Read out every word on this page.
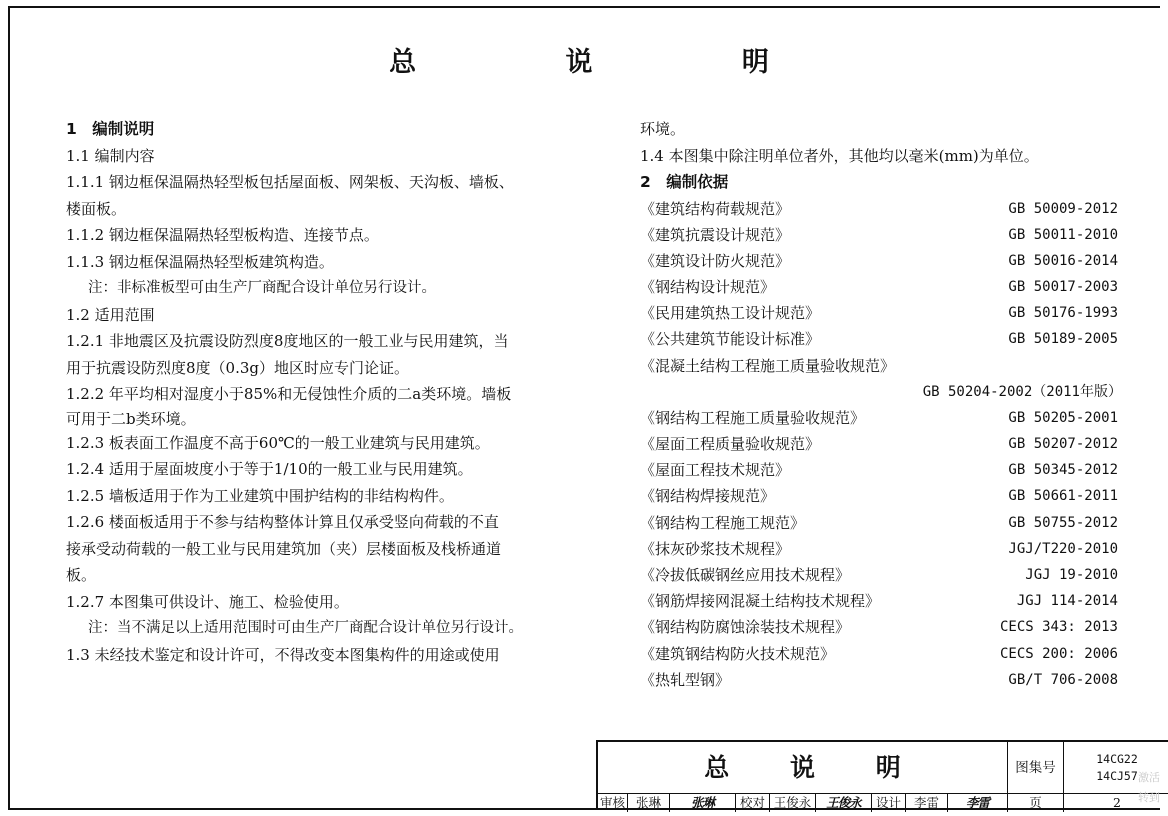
总 说 明
1　编制说明
1.1 编制内容
1.1.1 钢边框保温隔热轻型板包括屋面板、网架板、天沟板、墙板、
楼面板。
1.1.2 钢边框保温隔热轻型板构造、连接节点。
1.1.3 钢边框保温隔热轻型板建筑构造。
注：非标准板型可由生产厂商配合设计单位另行设计。
1.2 适用范围
1.2.1 非地震区及抗震设防烈度8度地区的一般工业与民用建筑，当
用于抗震设防烈度8度（0.3g）地区时应专门论证。
1.2.2 年平均相对湿度小于85%和无侵蚀性介质的二a类环境。墙板
可用于二b类环境。
1.2.3 板表面工作温度不高于60℃的一般工业建筑与民用建筑。
1.2.4 适用于屋面坡度小于等于1/10的一般工业与民用建筑。
1.2.5 墙板适用于作为工业建筑中围护结构的非结构构件。
1.2.6 楼面板适用于不参与结构整体计算且仅承受竖向荷载的不直
接承受动荷载的一般工业与民用建筑加（夹）层楼面板及栈桥通道
板。
1.2.7 本图集可供设计、施工、检验使用。
注：当不满足以上适用范围时可由生产厂商配合设计单位另行设计。
1.3 未经技术鉴定和设计许可，不得改变本图集构件的用途或使用
环境。
1.4 本图集中除注明单位者外，其他均以毫米(mm)为单位。
2　编制依据
《建筑结构荷载规范》	GB 50009-2012
《建筑抗震设计规范》	GB 50011-2010
《建筑设计防火规范》	GB 50016-2014
《钢结构设计规范》	GB 50017-2003
《民用建筑热工设计规范》	GB 50176-1993
《公共建筑节能设计标准》	GB 50189-2005
《混凝土结构工程施工质量验收规范》
GB 50204-2002（2011年版）
《钢结构工程施工质量验收规范》	GB 50205-2001
《屋面工程质量验收规范》	GB 50207-2012
《屋面工程技术规范》	GB 50345-2012
《钢结构焊接规范》	GB 50661-2011
《钢结构工程施工规范》	GB 50755-2012
《抹灰砂浆技术规程》	JGJ/T220-2010
《冷拔低碳钢丝应用技术规程》	JGJ 19-2010
《钢筋焊接网混凝土结构技术规程》	JGJ 114-2014
《钢结构防腐蚀涂装技术规程》	CECS 343: 2013
《建筑钢结构防火技术规范》	CECS 200: 2006
《热轧型钢》	GB/T 706-2008
总 说 明	图集号
14CG22
14CJ57
审核 张琳	张琳	校对 王俊永	王俊永	设计	李雷	李雷	页	2
激活
转到
